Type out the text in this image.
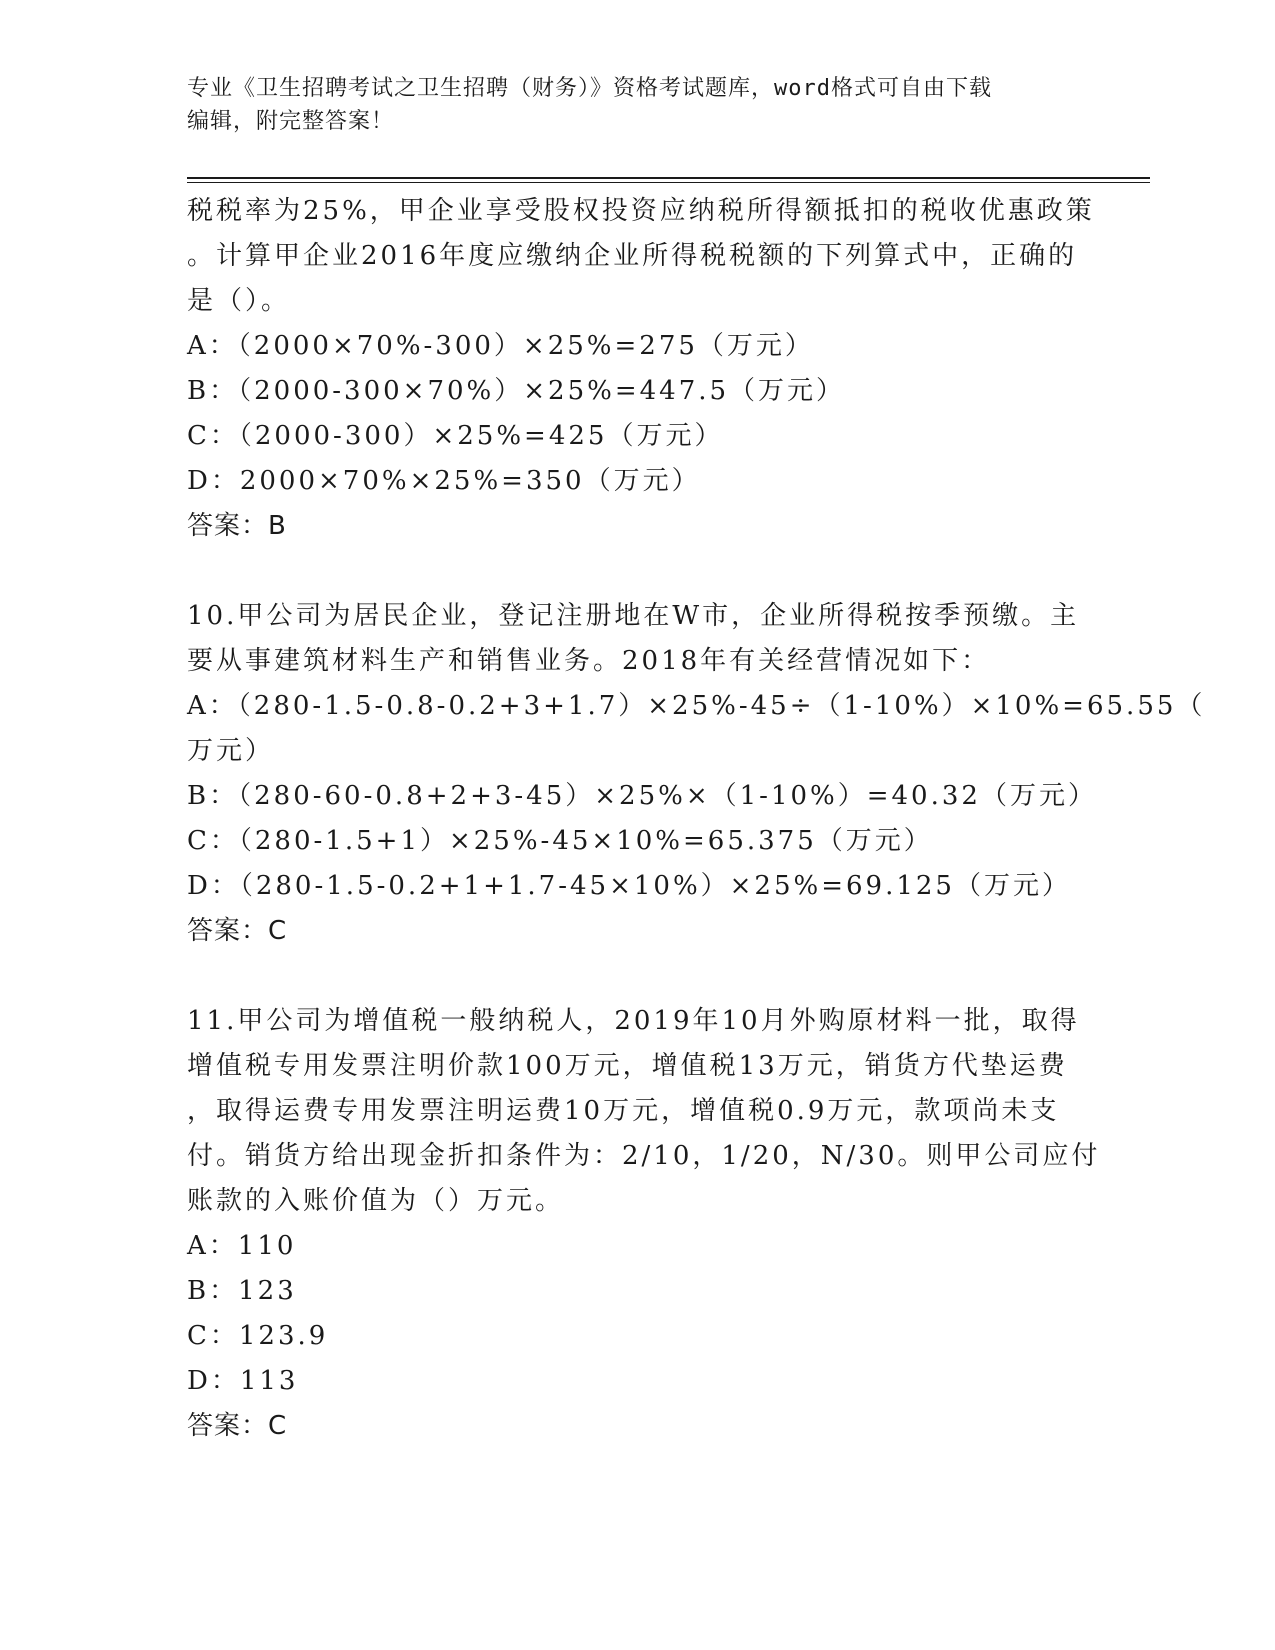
专业《卫生招聘考试之卫生招聘（财务）》资格考试题库，word格式可自由下载
编辑，附完整答案！
税税率为25%，甲企业享受股权投资应纳税所得额抵扣的税收优惠政策
。计算甲企业2016年度应缴纳企业所得税税额的下列算式中，正确的
是（）。
A：（2000×70%-300）×25%=275（万元）
B：（2000-300×70%）×25%=447.5（万元）
C：（2000-300）×25%=425（万元）
D：2000×70%×25%=350（万元）
答案：B
10.甲公司为居民企业，登记注册地在W市，企业所得税按季预缴。主
要从事建筑材料生产和销售业务。2018年有关经营情况如下：
A：（280-1.5-0.8-0.2+3+1.7）×25%-45÷（1-10%）×10%=65.55（
万元）
B：（280-60-0.8+2+3-45）×25%×（1-10%）=40.32（万元）
C：（280-1.5+1）×25%-45×10%=65.375（万元）
D：（280-1.5-0.2+1+1.7-45×10%）×25%=69.125（万元）
答案：C
11.甲公司为增值税一般纳税人，2019年10月外购原材料一批，取得
增值税专用发票注明价款100万元，增值税13万元，销货方代垫运费
，取得运费专用发票注明运费10万元，增值税0.9万元，款项尚未支
付。销货方给出现金折扣条件为：2/10，1/20，N/30。则甲公司应付
账款的入账价值为（）万元。
A：110
B：123
C：123.9
D：113
答案：C
